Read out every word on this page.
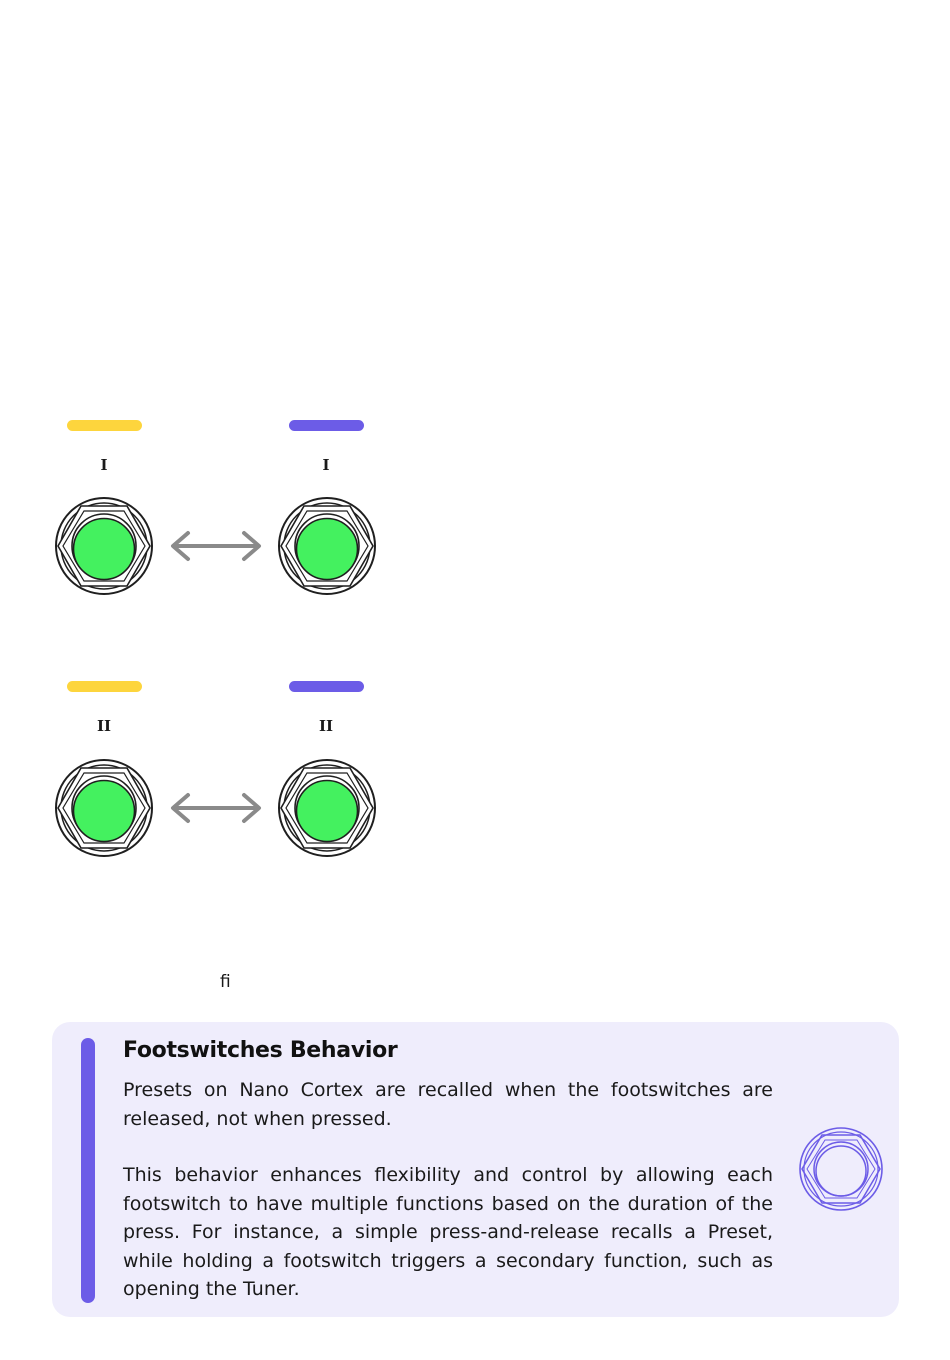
I	I
II	II
ﬁ
Footswitches Behavior

Presets on Nano Cortex are recalled when the footswitches are released, not when pressed.

This behavior enhances flexibility and control by allowing each footswitch to have multiple functions based on the duration of the press. For instance, a simple press-and-release recalls a Preset, while holding a footswitch triggers a secondary function, such as opening the Tuner.
